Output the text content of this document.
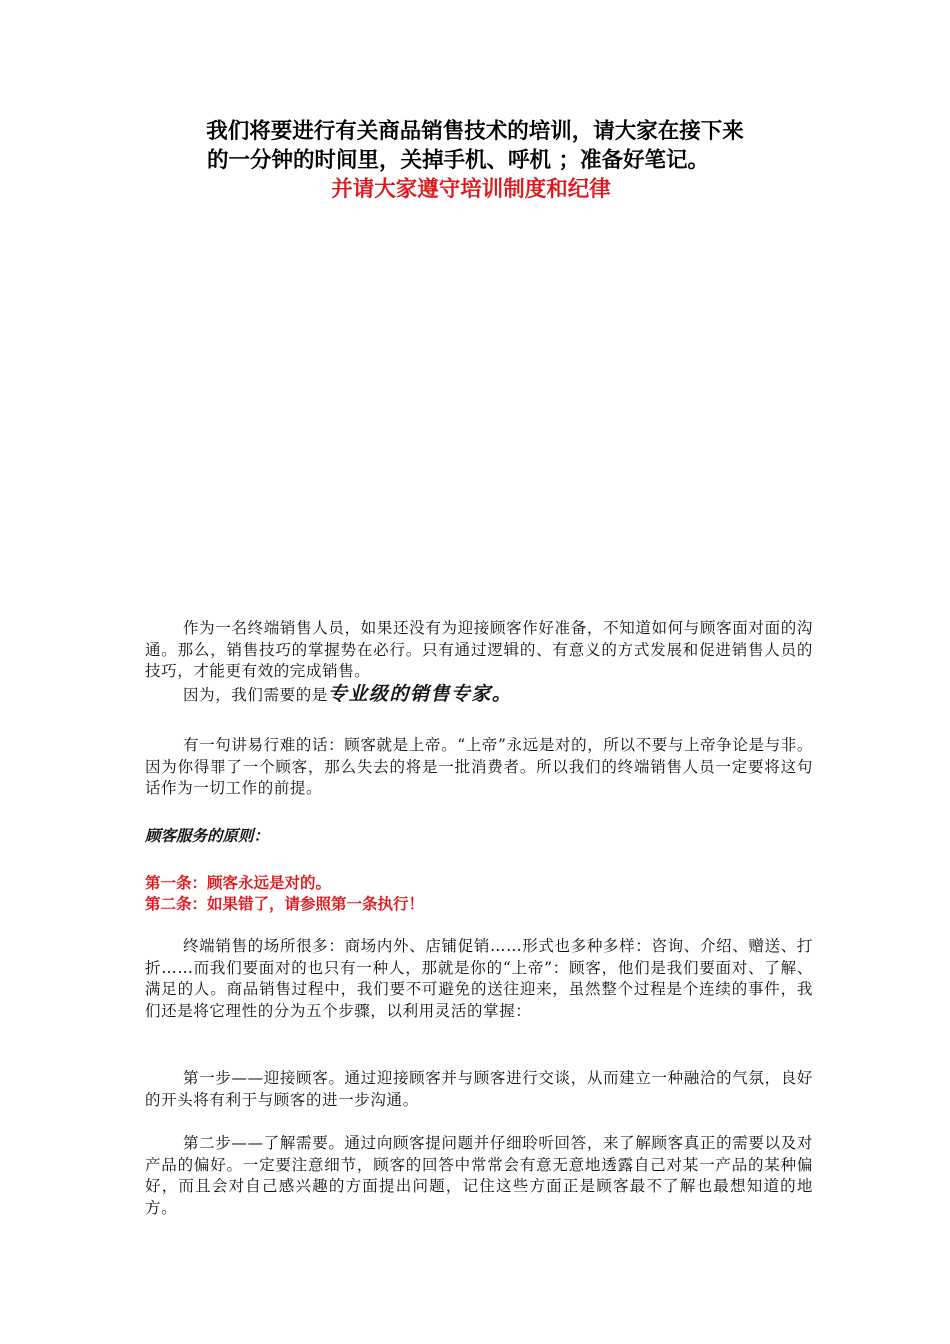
我们将要进行有关商品销售技术的培训，请大家在接下来
的一分钟的时间里，关掉手机、呼机 ；准备好笔记。
并请大家遵守培训制度和纪律

作为一名终端销售人员，如果还没有为迎接顾客作好准备，不知道如何与顾客面对面的沟通。那么，销售技巧的掌握势在必行。只有通过逻辑的、有意义的方式发展和促进销售人员的技巧，才能更有效的完成销售。

因为，我们需要的是专业级的销售专家。

有一句讲易行难的话：顾客就是上帝。“上帝”永远是对的，所以不要与上帝争论是与非。因为你得罪了一个顾客，那么失去的将是一批消费者。所以我们的终端销售人员一定要将这句话作为一切工作的前提。

顾客服务的原则：

第一条：顾客永远是对的。

第二条：如果错了，请参照第一条执行！

终端销售的场所很多：商场内外、店铺促销……形式也多种多样：咨询、介绍、赠送、打折……而我们要面对的也只有一种人，那就是你的“上帝”：顾客，他们是我们要面对、了解、满足的人。商品销售过程中，我们要不可避免的送往迎来，虽然整个过程是个连续的事件，我们还是将它理性的分为五个步骤，以利用灵活的掌握：

第一步——迎接顾客。通过迎接顾客并与顾客进行交谈，从而建立一种融洽的气氛，良好的开头将有利于与顾客的进一步沟通。

第二步——了解需要。通过向顾客提问题并仔细聆听回答，来了解顾客真正的需要以及对产品的偏好。一定要注意细节，顾客的回答中常常会有意无意地透露自己对某一产品的某种偏好，而且会对自己感兴趣的方面提出问题，记住这些方面正是顾客最不了解也最想知道的地方。
